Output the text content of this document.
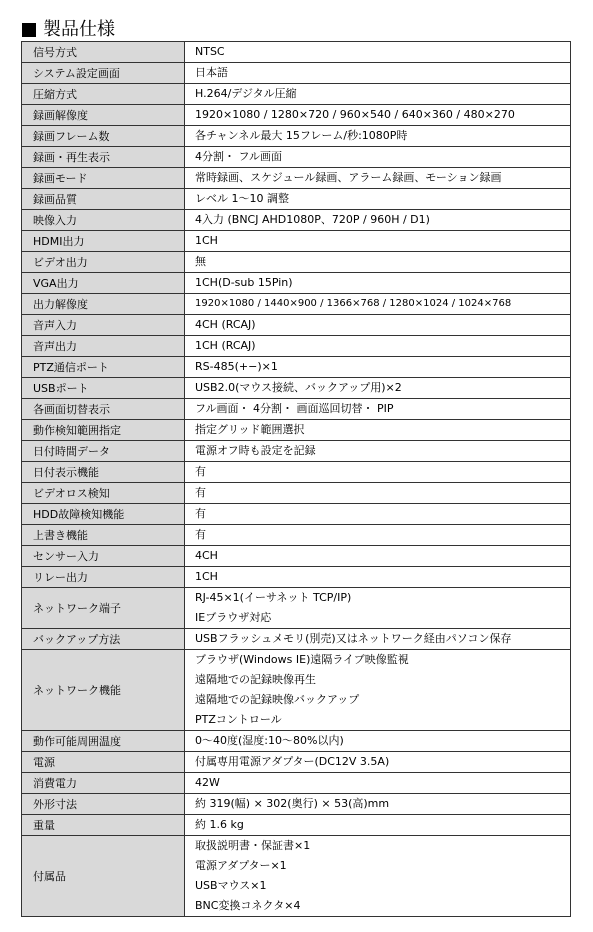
製品仕様
信号方式	NTSC

システム設定画面	日本語

圧縮方式	H.264/デジタル圧縮

録画解像度	1920×1080 / 1280×720 / 960×540 / 640×360 / 480×270

録画フレーム数	各チャンネル最大 15フレーム/秒:1080P時

録画・再生表示	4分割・ フル画面

録画モード	常時録画、スケジュール録画、アラーム録画、モーション録画

録画品質	レベル 1〜10 調整

映像入力	4入力 (BNCJ AHD1080P、720P / 960H / D1)

HDMI出力	1CH

ビデオ出力	無

VGA出力	1CH(D-sub 15Pin)

出力解像度	1920×1080 / 1440×900 / 1366×768 / 1280×1024 / 1024×768

音声入力	4CH (RCAJ)

音声出力	1CH (RCAJ)

PTZ通信ポート	RS-485(+−)×1

USBポート	USB2.0(マウス接続、バックアップ用)×2

各画面切替表示	フル画面・ 4分割・ 画面巡回切替・ PIP

動作検知範囲指定	指定グリッド範囲選択

日付時間データ	電源オフ時も設定を記録

日付表示機能	有

ビデオロス検知	有

HDD故障検知機能	有

上書き機能	有

センサー入力	4CH

リレー出力	1CH

ネットワーク端子	RJ-45×1(イーサネット TCP/IP)
IEブラウザ対応

バックアップ方法	USBフラッシュメモリ(別売)又はネットワーク経由パソコン保存

ネットワーク機能	ブラウザ(Windows IE)遠隔ライブ映像監視
遠隔地での記録映像再生
遠隔地での記録映像バックアップ
PTZコントロール

動作可能周囲温度	0〜40度(湿度:10〜80%以内)

電源	付属専用電源アダプター(DC12V 3.5A)

消費電力	42W

外形寸法	約 319(幅) × 302(奥行) × 53(高)mm

重量	約 1.6 kg

付属品	取扱説明書・保証書×1
電源アダプター×1
USBマウス×1
BNC変換コネクタ×4
